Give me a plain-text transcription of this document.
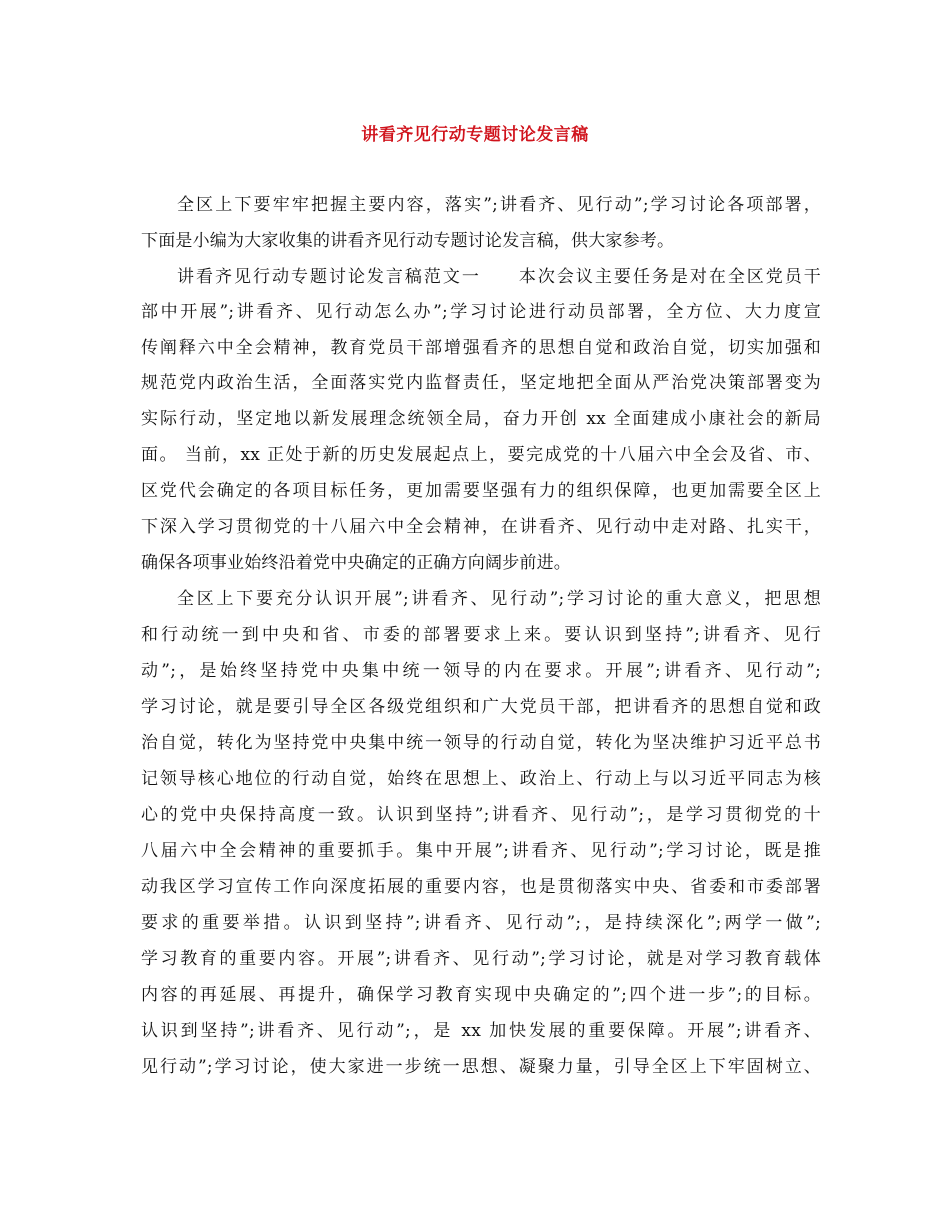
讲看齐见行动专题讨论发言稿
全区上下要牢牢把握主要内容，落实”;讲看齐、见行动”;学习讨论各项部署，
下面是小编为大家收集的讲看齐见行动专题讨论发言稿，供大家参考。
讲看齐见行动专题讨论发言稿范文一　　本次会议主要任务是对在全区党员干
部中开展”;讲看齐、见行动怎么办”;学习讨论进行动员部署，全方位、大力度宣
传阐释六中全会精神，教育党员干部增强看齐的思想自觉和政治自觉，切实加强和
规范党内政治生活，全面落实党内监督责任，坚定地把全面从严治党决策部署变为
实际行动，坚定地以新发展理念统领全局，奋力开创 xx 全面建成小康社会的新局
面。 当前，xx 正处于新的历史发展起点上，要完成党的十八届六中全会及省、市、
区党代会确定的各项目标任务，更加需要坚强有力的组织保障，也更加需要全区上
下深入学习贯彻党的十八届六中全会精神，在讲看齐、见行动中走对路、扎实干，
确保各项事业始终沿着党中央确定的正确方向阔步前进。
全区上下要充分认识开展”;讲看齐、见行动”;学习讨论的重大意义，把思想
和行动统一到中央和省、市委的部署要求上来。要认识到坚持”;讲看齐、见行
动”;，是始终坚持党中央集中统一领导的内在要求。开展”;讲看齐、见行动”;
学习讨论，就是要引导全区各级党组织和广大党员干部，把讲看齐的思想自觉和政
治自觉，转化为坚持党中央集中统一领导的行动自觉，转化为坚决维护习近平总书
记领导核心地位的行动自觉，始终在思想上、政治上、行动上与以习近平同志为核
心的党中央保持高度一致。认识到坚持”;讲看齐、见行动”;，是学习贯彻党的十
八届六中全会精神的重要抓手。集中开展”;讲看齐、见行动”;学习讨论，既是推
动我区学习宣传工作向深度拓展的重要内容，也是贯彻落实中央、省委和市委部署
要求的重要举措。认识到坚持”;讲看齐、见行动”;，是持续深化”;两学一做”;
学习教育的重要内容。开展”;讲看齐、见行动”;学习讨论，就是对学习教育载体
内容的再延展、再提升，确保学习教育实现中央确定的”;四个进一步”;的目标。
认识到坚持”;讲看齐、见行动”;，是 xx 加快发展的重要保障。开展”;讲看齐、
见行动”;学习讨论，使大家进一步统一思想、凝聚力量，引导全区上下牢固树立、
